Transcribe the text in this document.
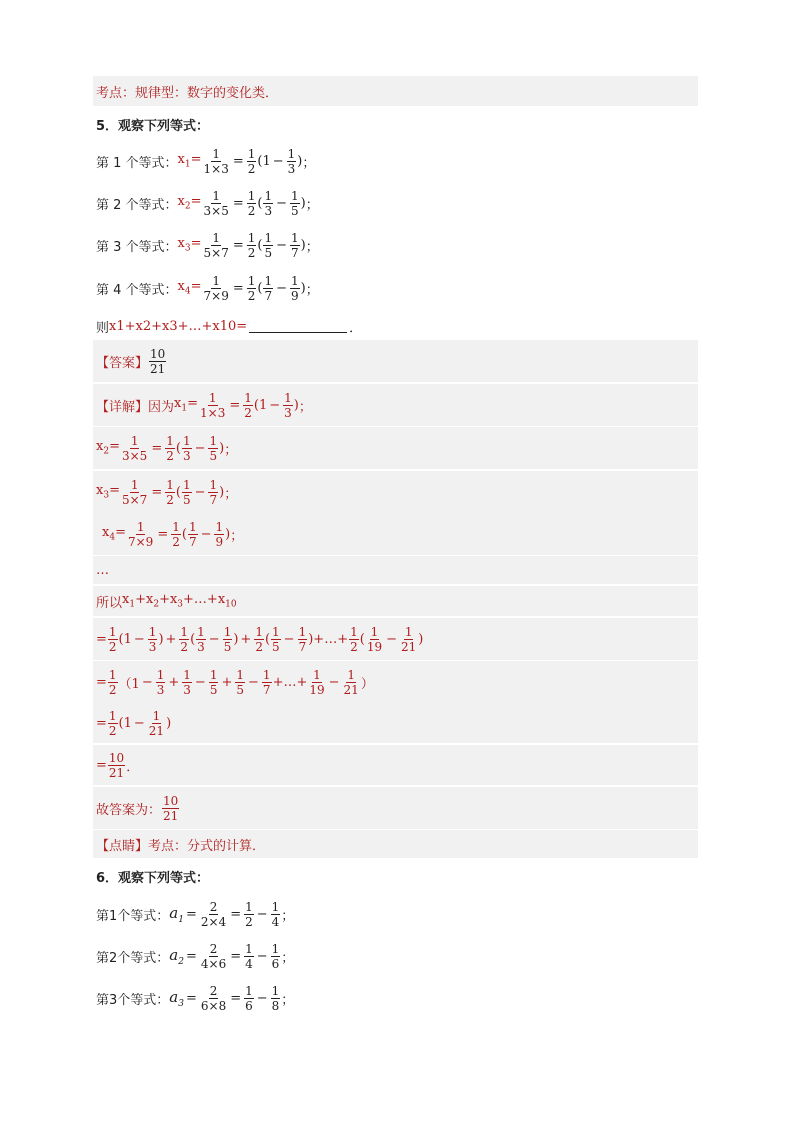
考点：规律型：数字的变化类．
5．观察下列等式：
第 1 个等式： $x_1= \frac{1}{1\times 3} = \frac{1}{2} (1 - \frac{1}{3}$ ) ；
第 2 个等式： $x_2= \frac{1}{3\times 5} = \frac{1}{2}$ ( 1
$3 - \frac{1}{5}$ ) ；
第 3 个等式： $x_3= \frac{1}{5\times 7} = \frac{1}{2}$ ( 1
$5 - \frac{1}{7}$ ) ；
第 4 个等式： $x_4= \frac{1}{7\times 9} = \frac{1}{2}$ ( 1
$7 - \frac{1}{9}$ ) ；
则 x1+x2+x3+…+x10=	．
【答案】
10
21
【详解】 因为 $x_1= \frac{1}{1\times 3} = \frac{1}{2} (1 - \frac{1}{3}$ ) ；
$x_2= \frac{1}{3\times 5} = \frac{1}{2}$ ( 1
$3 - \frac{1}{5}$ ) ；
$x_3= \frac{1}{5\times 7} = \frac{1}{2}$ ( 1
$5 - \frac{1}{7}$ ) ；
$x_4= \frac{1}{7\times 9} = \frac{1}{2}$ ( 1
$7 - \frac{1}{9}$ ) ；
…
所以 $x_1+x_2+x_3+\dots+x_{10}$
= $\frac{1}{2} (1 - \frac{1}{3}$ ) + $\frac{1}{2}$ ( 1
$3 - \frac{1}{5}$ ) + $\frac{1}{2}$ ( 1
$5 - \frac{1}{7}$ ) +…+ $\frac{1}{2}$ ( 1
$19 - \frac{1}{21}$ )
= $\frac{1}{2} (1 - \frac{1}{3} + \frac{1}{3} - \frac{1}{5} + \frac{1}{5} - \frac{1}{7}$ +…+ $\frac{1}{19} - \frac{1}{21}$ ）
= $\frac{1}{2} (1 - \frac{1}{21}$ )
= $\frac{10}{21}$ ．
故答案为：
10
21
【点睛】 考点：分式的计算．
6．观察下列等式：
第1个等式： $a_1 = \frac{2}{2\times 4} = \frac{1}{2} - \frac{1}{4}$ ；
第2个等式： $a_2 = \frac{2}{4\times 6} = \frac{1}{4} - \frac{1}{6}$ ；
第3个等式： $a_3 = \frac{2}{6\times 8} = \frac{1}{6} - \frac{1}{8}$ ；
